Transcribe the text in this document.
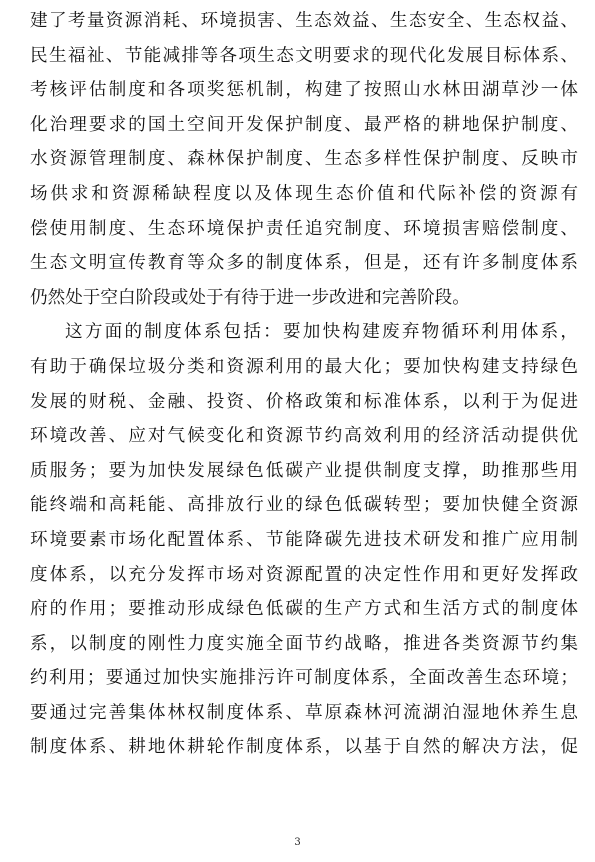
建了考量资源消耗、环境损害、生态效益、生态安全、生态权益、
民生福祉、节能减排等各项生态文明要求的现代化发展目标体系、
考核评估制度和各项奖惩机制，构建了按照山水林田湖草沙一体
化治理要求的国土空间开发保护制度、最严格的耕地保护制度、
水资源管理制度、森林保护制度、生态多样性保护制度、反映市
场供求和资源稀缺程度以及体现生态价值和代际补偿的资源有
偿使用制度、生态环境保护责任追究制度、环境损害赔偿制度、
生态文明宣传教育等众多的制度体系，但是，还有许多制度体系
仍然处于空白阶段或处于有待于进一步改进和完善阶段。
这方面的制度体系包括：要加快构建废弃物循环利用体系，
有助于确保垃圾分类和资源利用的最大化；要加快构建支持绿色
发展的财税、金融、投资、价格政策和标准体系，以利于为促进
环境改善、应对气候变化和资源节约高效利用的经济活动提供优
质服务；要为加快发展绿色低碳产业提供制度支撑，助推那些用
能终端和高耗能、高排放行业的绿色低碳转型；要加快健全资源
环境要素市场化配置体系、节能降碳先进技术研发和推广应用制
度体系，以充分发挥市场对资源配置的决定性作用和更好发挥政
府的作用；要推动形成绿色低碳的生产方式和生活方式的制度体
系，以制度的刚性力度实施全面节约战略，推进各类资源节约集
约利用；要通过加快实施排污许可制度体系，全面改善生态环境；
要通过完善集体林权制度体系、草原森林河流湖泊湿地休养生息
制度体系、耕地休耕轮作制度体系，以基于自然的解决方法，促
3
